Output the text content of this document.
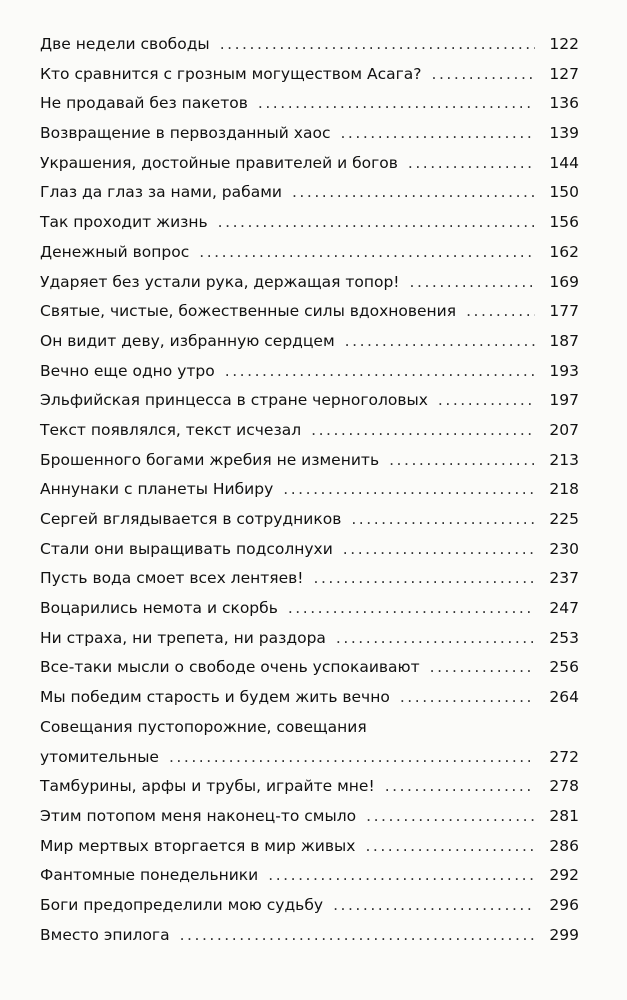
Две недели свободы . . .	122
Кто сравнится с грозным могуществом Асага? . . .	127
Не продавай без пакетов . . .	136
Возвращение в первозданный хаос . . .	139
Украшения, достойные правителей и богов . . .	144
Глаз да глаз за нами, рабами . . .	150
Так проходит жизнь . . .	156
Денежный вопрос . . .	162
Ударяет без устали рука, держащая топор! . . .	169
Святые, чистые, божественные силы вдохновения . . .	177
Он видит деву, избранную сердцем . . .	187
Вечно еще одно утро . . .	193
Эльфийская принцесса в стране черноголовых . . .	197
Текст появлялся, текст исчезал . . .	207
Брошенного богами жребия не изменить . . .	213
Аннунаки с планеты Нибиру . . .	218
Сергей вглядывается в сотрудников . . .	225
Стали они выращивать подсолнухи . . .	230
Пусть вода смоет всех лентяев! . . .	237
Воцарились немота и скорбь . . .	247
Ни страха, ни трепета, ни раздора . . .	253
Все-таки мысли о свободе очень успокаивают . . .	256
Мы победим старость и будем жить вечно . . .	264
Совещания пустопорожние, совещания
утомительные . . .	272
Тамбурины, арфы и трубы, играйте мне! . . .	278
Этим потопом меня наконец-то смыло . . .	281
Мир мертвых вторгается в мир живых . . .	286
Фантомные понедельники . . .	292
Боги предопределили мою судьбу . . .	296
Вместо эпилога . . .	299
